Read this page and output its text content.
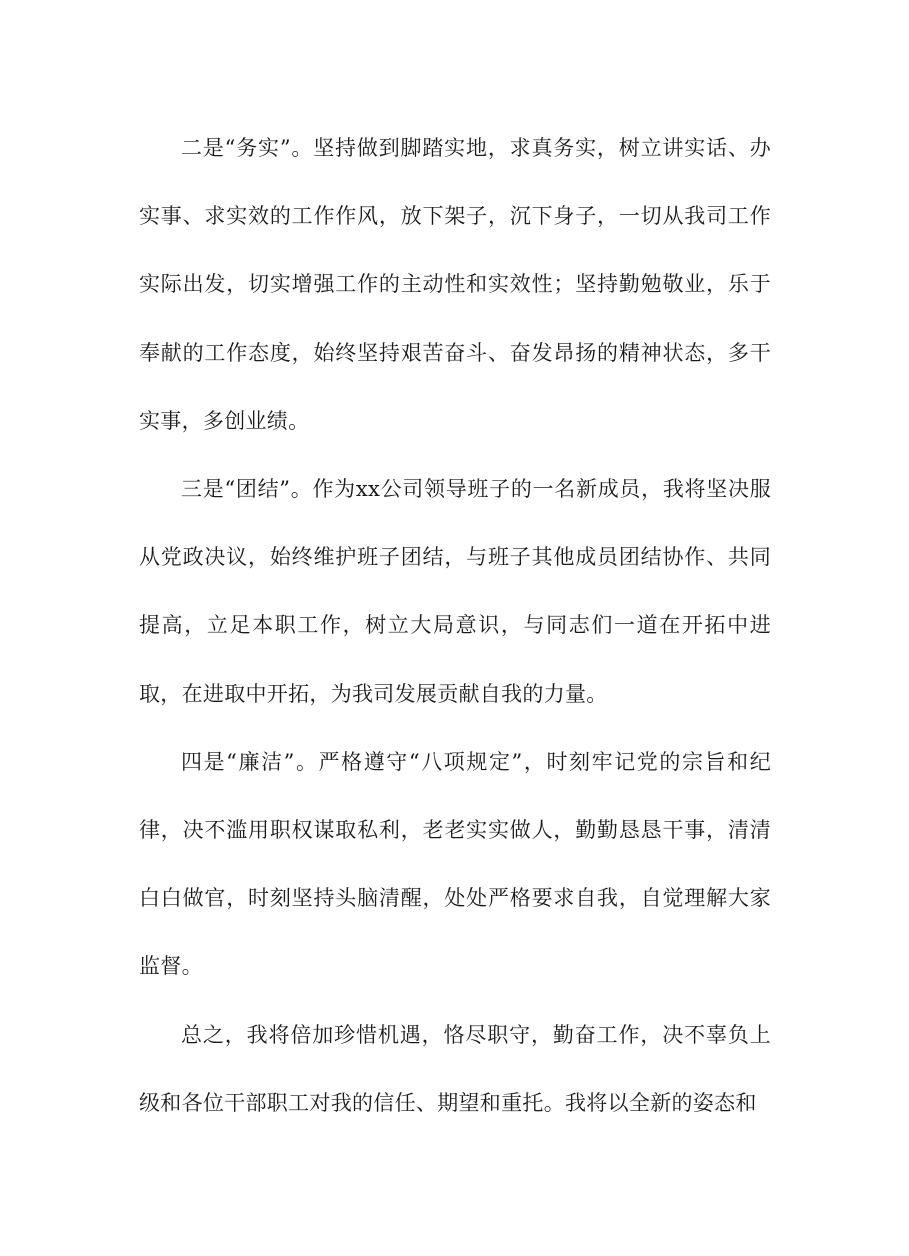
二是“务实”。坚持做到脚踏实地，求真务实，树立讲实话、办实事、求实效的工作作风，放下架子，沉下身子，一切从我司工作实际出发，切实增强工作的主动性和实效性；坚持勤勉敬业，乐于奉献的工作态度，始终坚持艰苦奋斗、奋发昂扬的精神状态，多干实事，多创业绩。

三是“团结”。作为xx公司领导班子的一名新成员，我将坚决服从党政决议，始终维护班子团结，与班子其他成员团结协作、共同提高，立足本职工作，树立大局意识，与同志们一道在开拓中进取，在进取中开拓，为我司发展贡献自我的力量。

四是“廉洁”。严格遵守“八项规定”，时刻牢记党的宗旨和纪律，决不滥用职权谋取私利，老老实实做人，勤勤恳恳干事，清清白白做官，时刻坚持头脑清醒，处处严格要求自我，自觉理解大家监督。

总之，我将倍加珍惜机遇，恪尽职守，勤奋工作，决不辜负上级和各位干部职工对我的信任、期望和重托。我将以全新的姿态和
